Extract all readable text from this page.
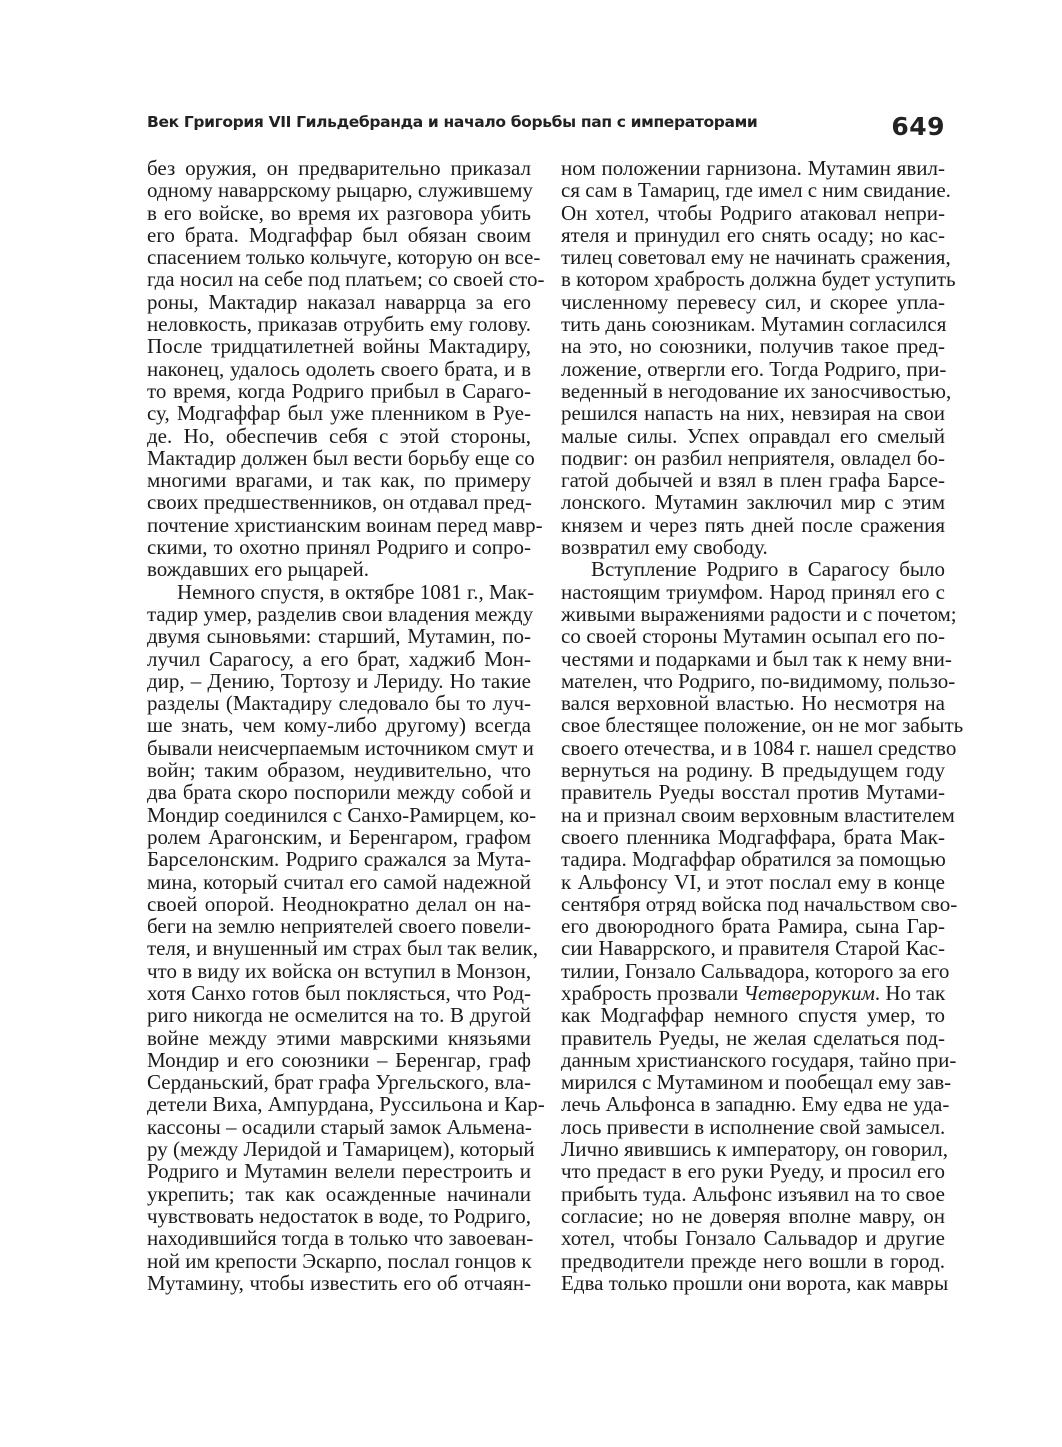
Век Григория VII Гильдебранда и начало борьбы пап с императорами	649
без оружия, он предварительно приказал
одному наваррскому рыцарю, служившему
в его войске, во время их разговора убить
его брата. Модгаффар был обязан своим
спасением только кольчуге, которую он все-
гда носил на себе под платьем; со своей сто-
роны, Мактадир наказал наваррца за его
неловкость, приказав отрубить ему голову.
После тридцатилетней войны Мактадиру,
наконец, удалось одолеть своего брата, и в
то время, когда Родриго прибыл в Сараго-
су, Модгаффар был уже пленником в Руе-
де. Но, обеспечив себя с этой стороны,
Мактадир должен был вести борьбу еще со
многими врагами, и так как, по примеру
своих предшественников, он отдавал пред-
почтение христианским воинам перед мавр-
скими, то охотно принял Родриго и сопро-
вождавших его рыцарей.
Немного спустя, в октябре 1081 г., Мак-
тадир умер, разделив свои владения между
двумя сыновьями: старший, Мутамин, по-
лучил Сарагосу, а его брат, хаджиб Мон-
дир, – Дению, Тортозу и Лериду. Но такие
разделы (Мактадиру следовало бы то луч-
ше знать, чем кому-либо другому) всегда
бывали неисчерпаемым источником смут и
войн; таким образом, неудивительно, что
два брата скоро поспорили между собой и
Мондир соединился с Санхо-Рамирцем, ко-
ролем Арагонским, и Беренгаром, графом
Барселонским. Родриго сражался за Мута-
мина, который считал его самой надежной
своей опорой. Неоднократно делал он на-
беги на землю неприятелей своего повели-
теля, и внушенный им страх был так велик,
что в виду их войска он вступил в Монзон,
хотя Санхо готов был поклясться, что Род-
риго никогда не осмелится на то. В другой
войне между этими маврскими князьями
Мондир и его союзники – Беренгар, граф
Серданьский, брат графа Ургельского, вла-
детели Виха, Ампурдана, Руссильона и Кар-
кассоны – осадили старый замок Альмена-
ру (между Леридой и Тамарицем), который
Родриго и Мутамин велели перестроить и
укрепить; так как осажденные начинали
чувствовать недостаток в воде, то Родриго,
находившийся тогда в только что завоеван-
ной им крепости Эскарпо, послал гонцов к
Мутамину, чтобы известить его об отчаян-
ном положении гарнизона. Мутамин явил-
ся сам в Тамариц, где имел с ним свидание.
Он хотел, чтобы Родриго атаковал непри-
ятеля и принудил его снять осаду; но кас-
тилец советовал ему не начинать сражения,
в котором храбрость должна будет уступить
численному перевесу сил, и скорее упла-
тить дань союзникам. Мутамин согласился
на это, но союзники, получив такое пред-
ложение, отвергли его. Тогда Родриго, при-
веденный в негодование их заносчивостью,
решился напасть на них, невзирая на свои
малые силы. Успех оправдал его смелый
подвиг: он разбил неприятеля, овладел бо-
гатой добычей и взял в плен графа Барсе-
лонского. Мутамин заключил мир с этим
князем и через пять дней после сражения
возвратил ему свободу.
Вступление Родриго в Сарагосу было
настоящим триумфом. Народ принял его с
живыми выражениями радости и с почетом;
со своей стороны Мутамин осыпал его по-
честями и подарками и был так к нему вни-
мателен, что Родриго, по-видимому, пользо-
вался верховной властью. Но несмотря на
свое блестящее положение, он не мог забыть
своего отечества, и в 1084 г. нашел средство
вернуться на родину. В предыдущем году
правитель Руеды восстал против Мутами-
на и признал своим верховным властителем
своего пленника Модгаффара, брата Мак-
тадира. Модгаффар обратился за помощью
к Альфонсу VI, и этот послал ему в конце
сентября отряд войска под начальством сво-
его двоюродного брата Рамира, сына Гар-
сии Наваррского, и правителя Старой Кас-
тилии, Гонзало Сальвадора, которого за его
храбрость прозвали Четвероруким. Но так
как Модгаффар немного спустя умер, то
правитель Руеды, не желая сделаться под-
данным христианского государя, тайно при-
мирился с Мутамином и пообещал ему зав-
лечь Альфонса в западню. Ему едва не уда-
лось привести в исполнение свой замысел.
Лично явившись к императору, он говорил,
что предаст в его руки Руеду, и просил его
прибыть туда. Альфонс изъявил на то свое
согласие; но не доверяя вполне мавру, он
хотел, чтобы Гонзало Сальвадор и другие
предводители прежде него вошли в город.
Едва только прошли они ворота, как мавры
